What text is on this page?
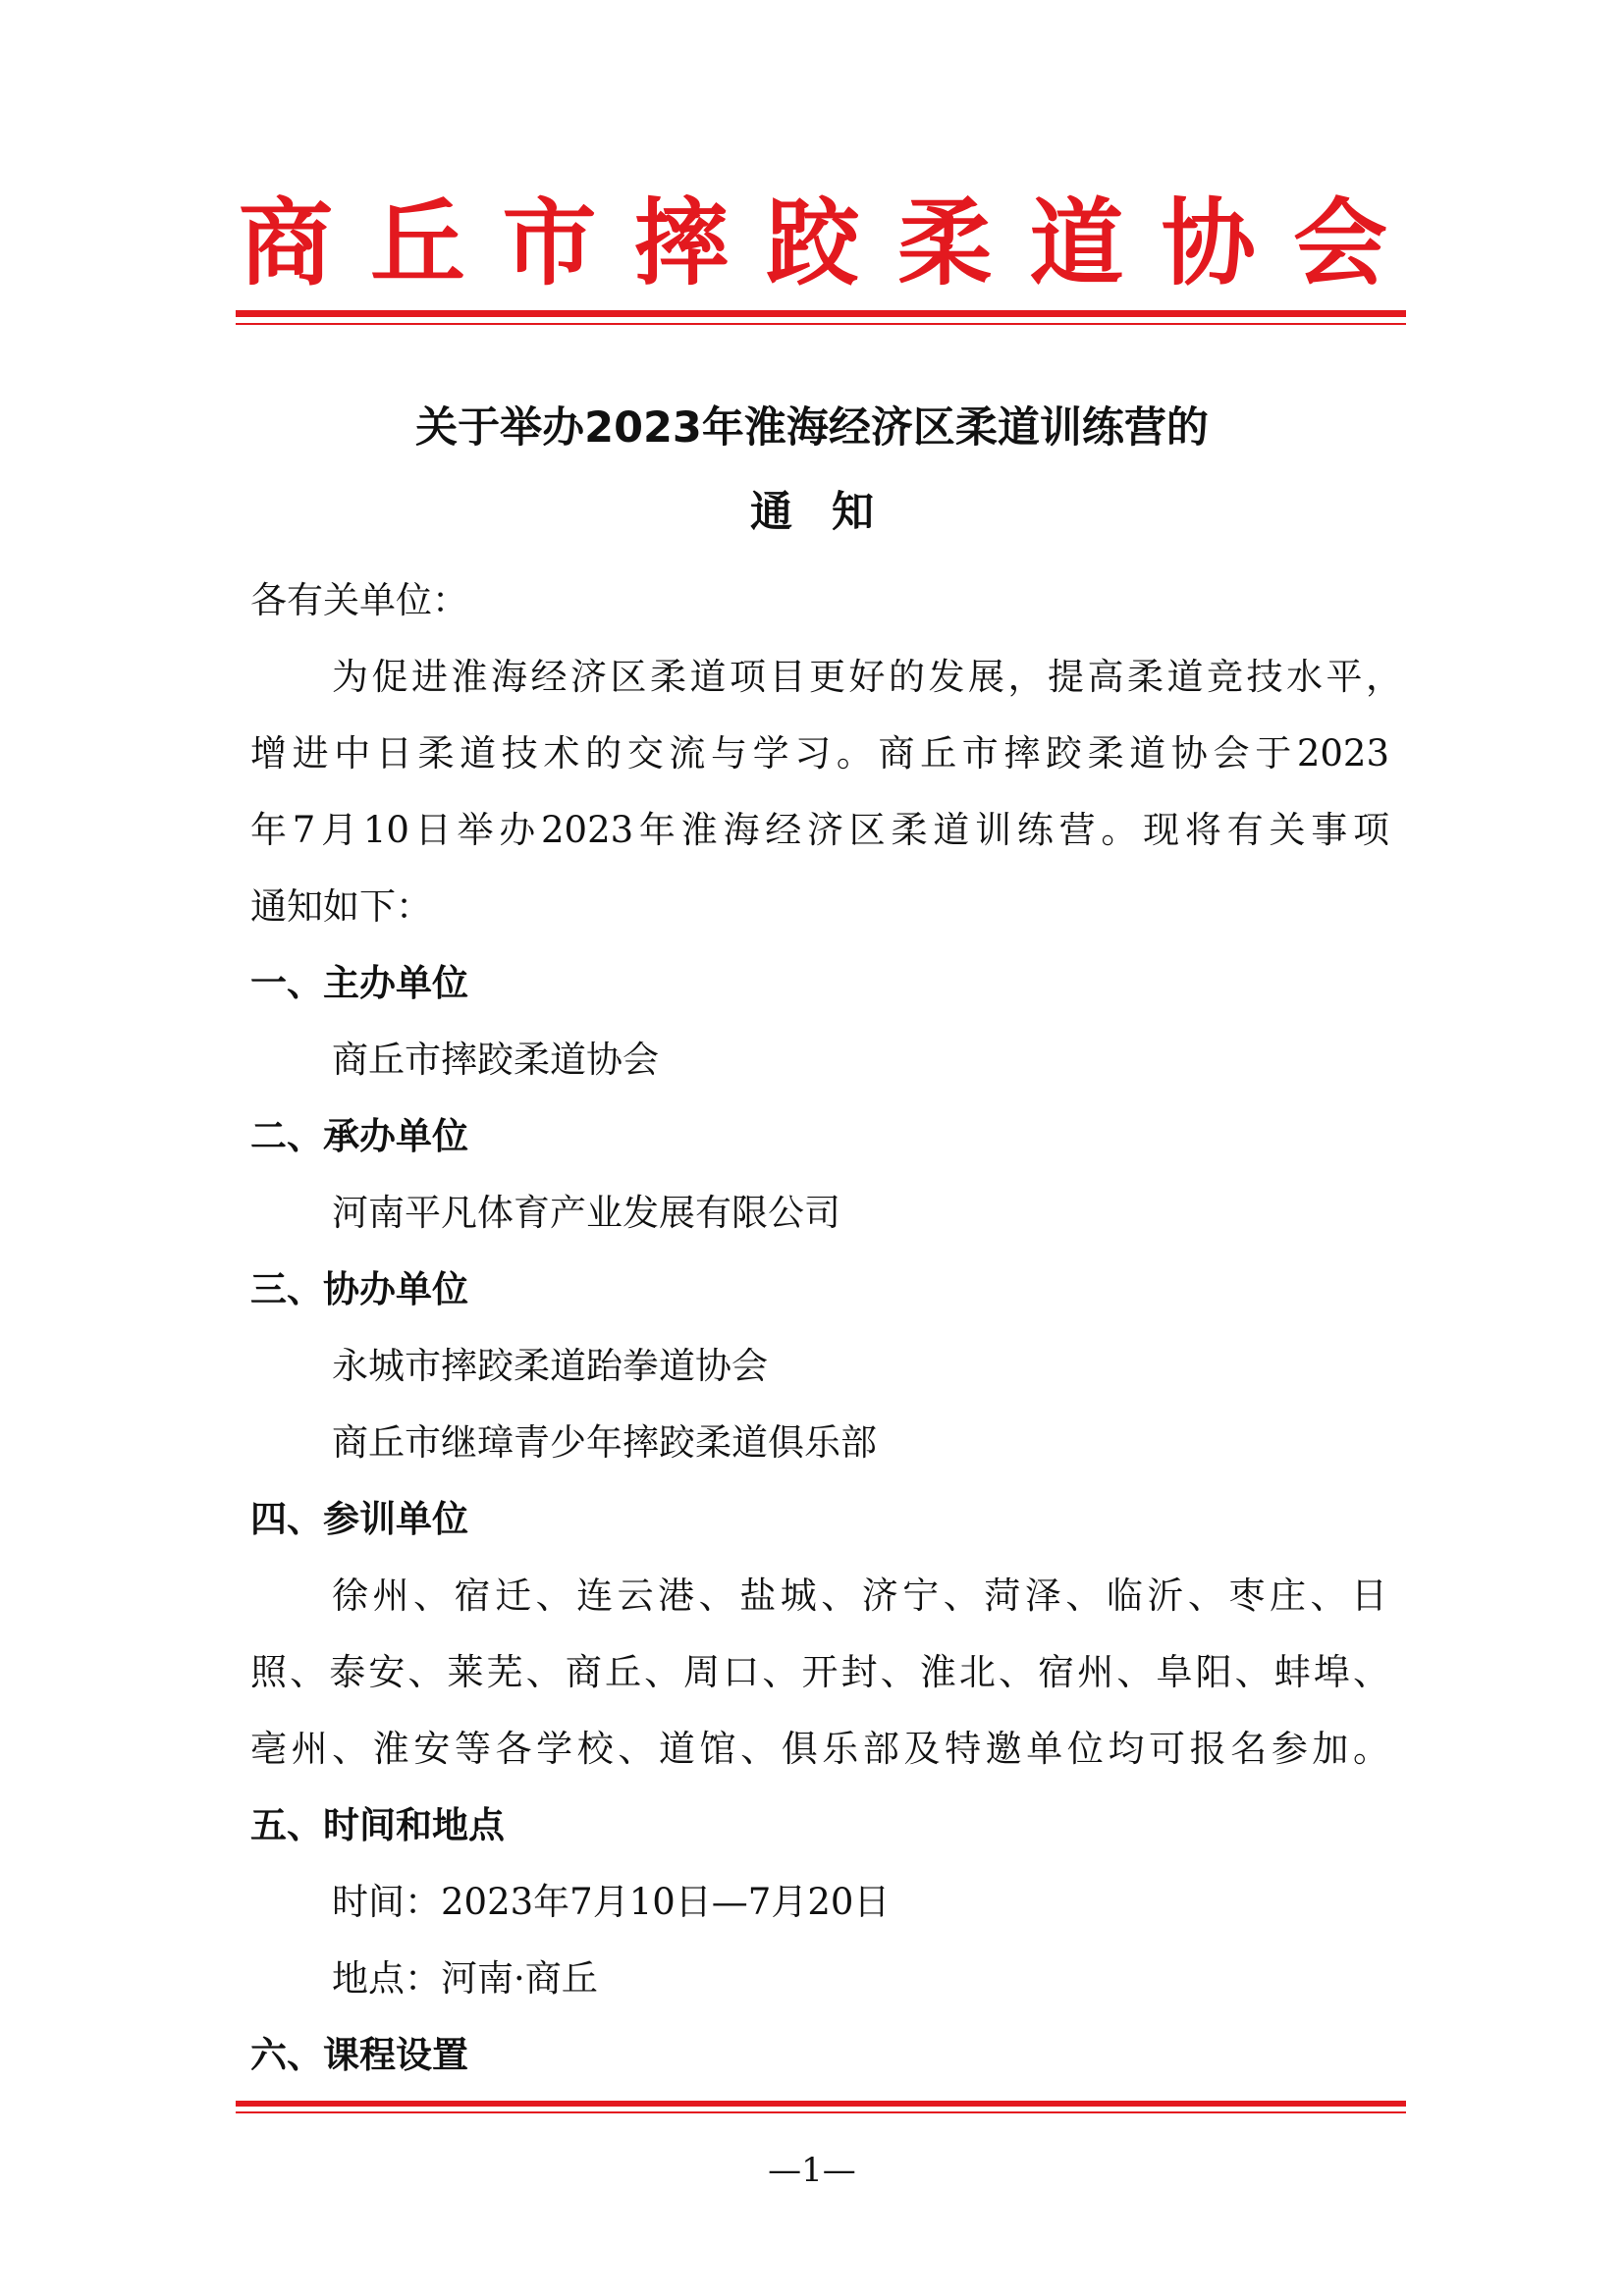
商 丘 市 摔 跤 柔 道 协 会
关于举办2023年淮海经济区柔道训练营的
通知
各有关单位：
为促进淮海经济区柔道项目更好的发展，提高柔道竞技水平，
增进中日柔道技术的交流与学习。商丘市摔跤柔道协会于2023
年7月10日举办2023年淮海经济区柔道训练营。现将有关事项
通知如下：
一、主办单位
商丘市摔跤柔道协会
二、承办单位
河南平凡体育产业发展有限公司
三、协办单位
永城市摔跤柔道跆拳道协会
商丘市继璋青少年摔跤柔道俱乐部
四、参训单位
徐州、宿迁、连云港、盐城、济宁、菏泽、临沂、枣庄、日
照、泰安、莱芜、商丘、周口、开封、淮北、宿州、阜阳、蚌埠、
亳州、淮安等各学校、道馆、俱乐部及特邀单位均可报名参加。
五、时间和地点
时间：2023年7月10日—7月20日
地点：河南·商丘
六、课程设置
—1—
